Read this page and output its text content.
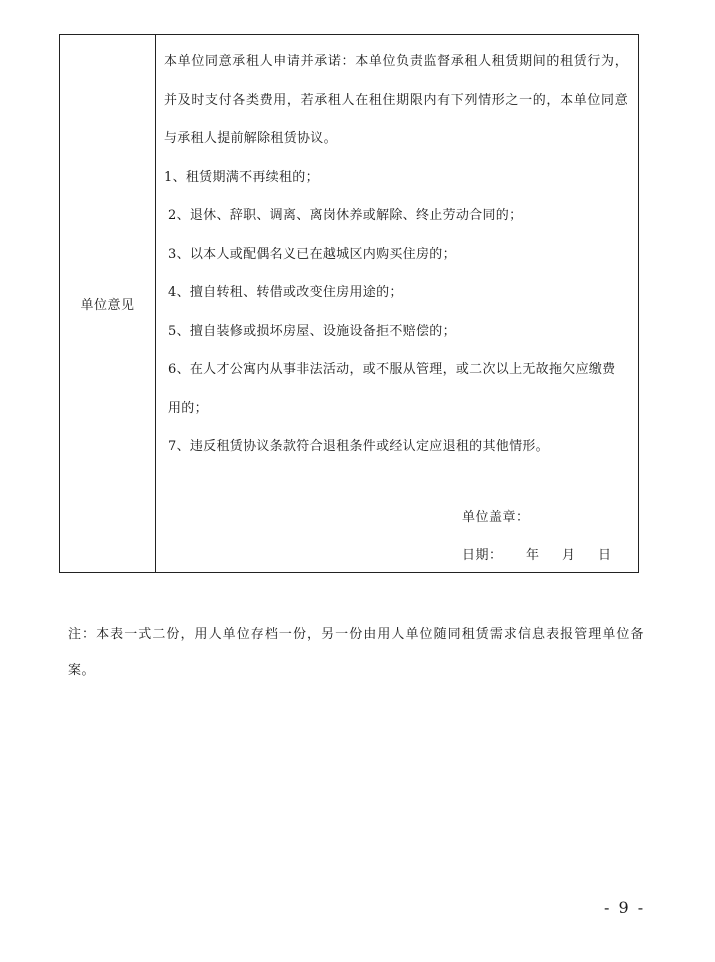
单位意见

本单位同意承租人申请并承诺：本单位负责监督承租人租赁期间的租赁行为，并及时支付各类费用，若承租人在租住期限内有下列情形之一的，本单位同意与承租人提前解除租赁协议。

1、租赁期满不再续租的；
2、退休、辞职、调离、离岗休养或解除、终止劳动合同的；
3、以本人或配偶名义已在越城区内购买住房的；
4、擅自转租、转借或改变住房用途的；
5、擅自装修或损坏房屋、设施设备拒不赔偿的；
6、在人才公寓内从事非法活动，或不服从管理，或二次以上无故拖欠应缴费用的；
7、违反租赁协议条款符合退租条件或经认定应退租的其他情形。
单位盖章：
日期：	年	月	日
注：本表一式二份，用人单位存档一份，另一份由用人单位随同租赁需求信息表报管理单位备案。
- 9 -
